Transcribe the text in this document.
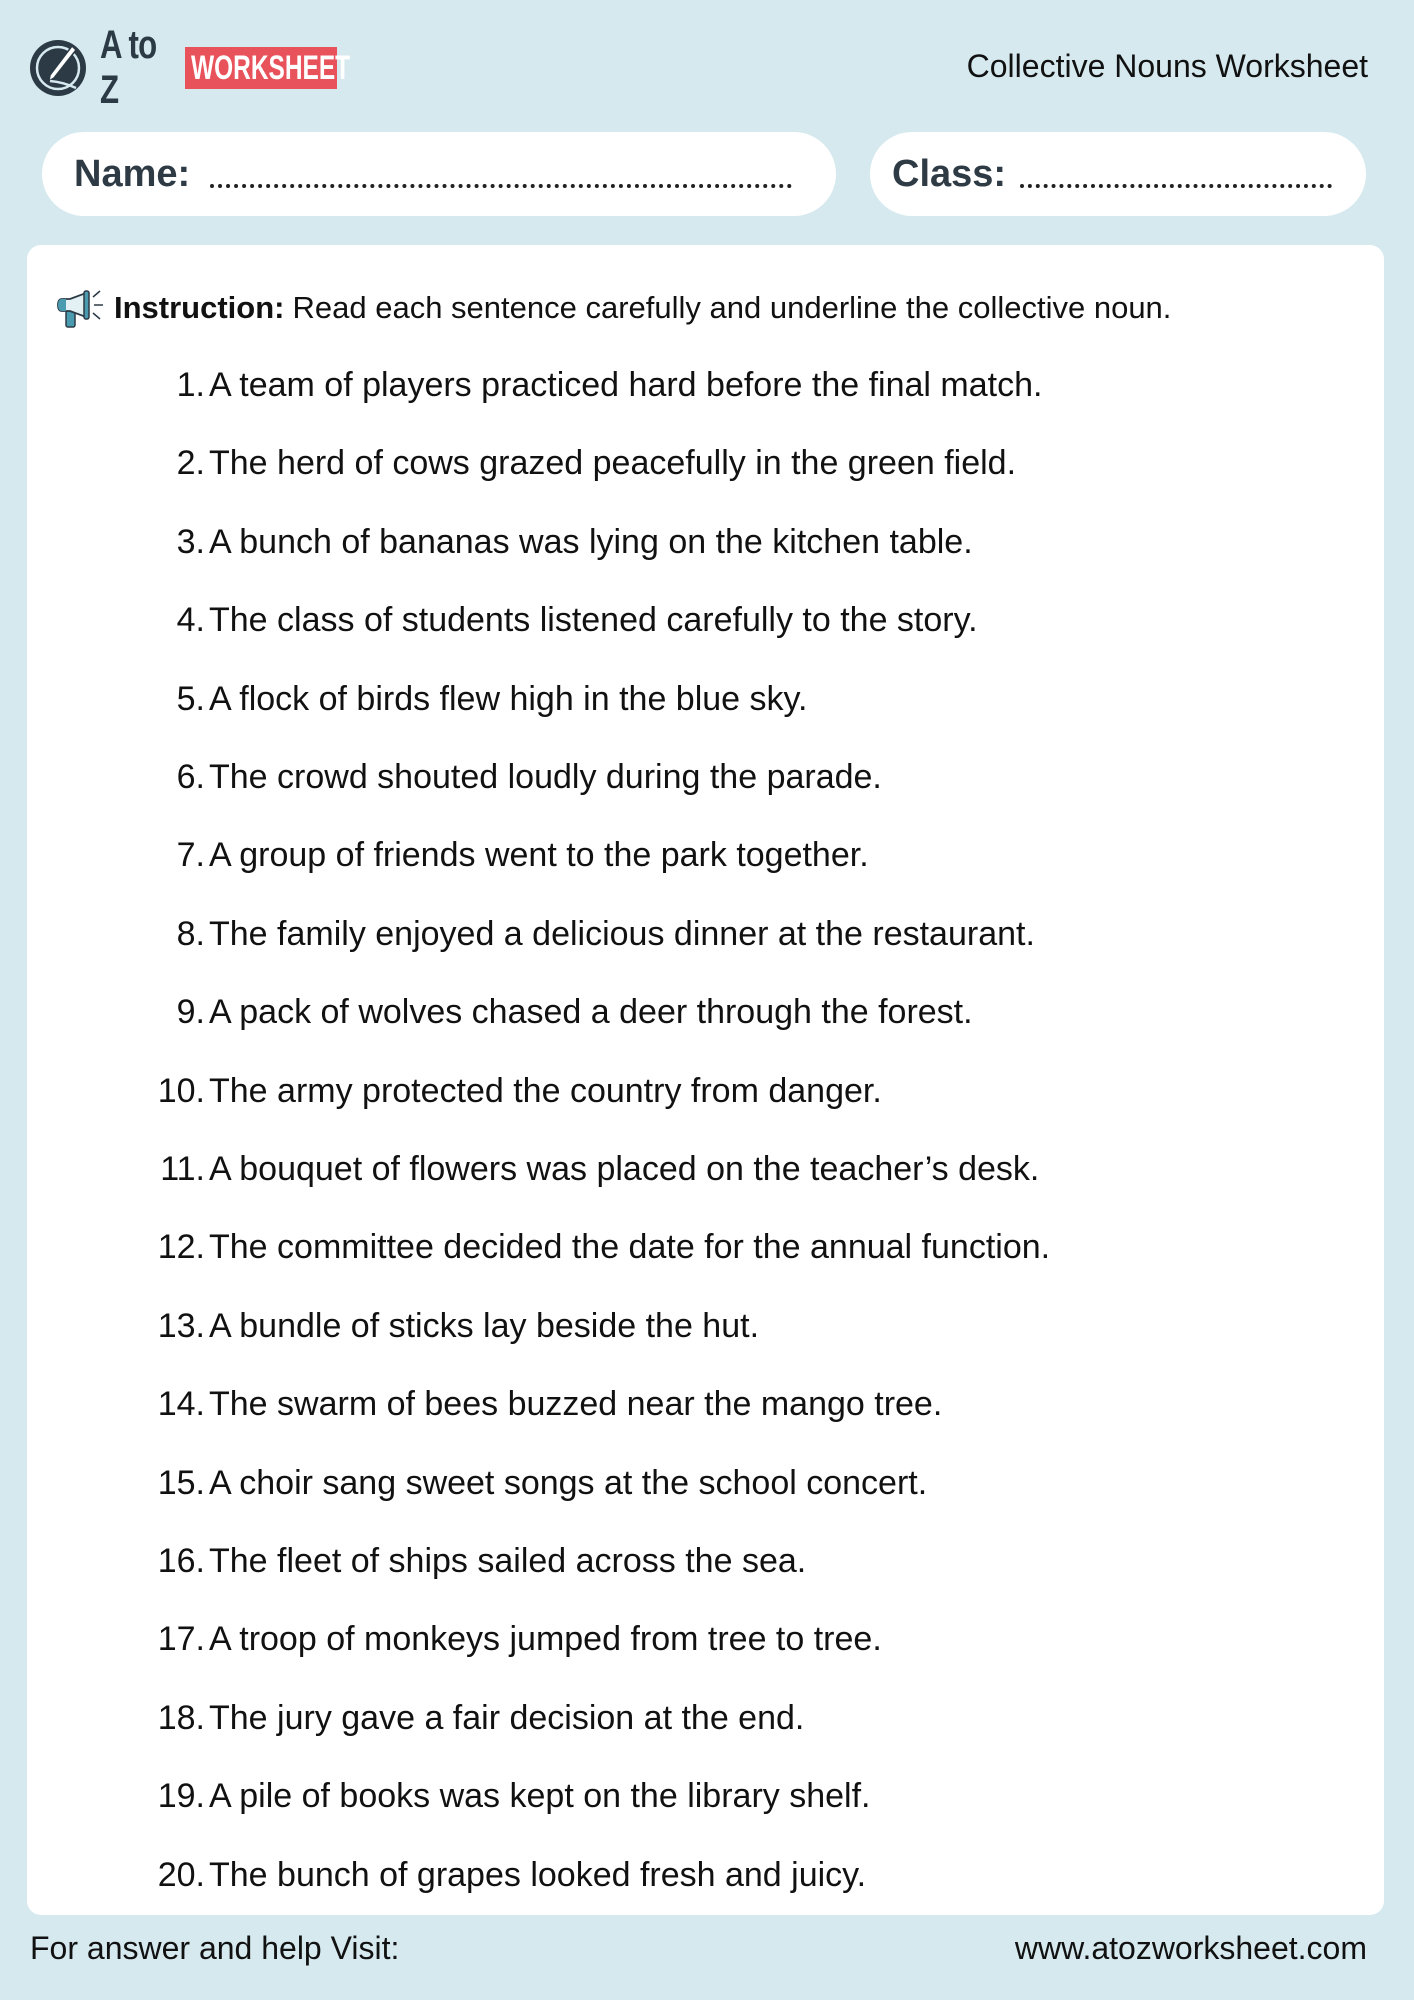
A to Z	WORKSHEET	Collective Nouns Worksheet
Name:	Class:
Instruction: Read each sentence carefully and underline the collective noun.
1. A team of players practiced hard before the final match.
2. The herd of cows grazed peacefully in the green field.
3. A bunch of bananas was lying on the kitchen table.
4. The class of students listened carefully to the story.
5. A flock of birds flew high in the blue sky.
6. The crowd shouted loudly during the parade.
7. A group of friends went to the park together.
8. The family enjoyed a delicious dinner at the restaurant.
9. A pack of wolves chased a deer through the forest.
10. The army protected the country from danger.
11. A bouquet of flowers was placed on the teacher’s desk.
12. The committee decided the date for the annual function.
13. A bundle of sticks lay beside the hut.
14. The swarm of bees buzzed near the mango tree.
15. A choir sang sweet songs at the school concert.
16. The fleet of ships sailed across the sea.
17. A troop of monkeys jumped from tree to tree.
18. The jury gave a fair decision at the end.
19. A pile of books was kept on the library shelf.
20. The bunch of grapes looked fresh and juicy.
For answer and help Visit:	www.atozworksheet.com
